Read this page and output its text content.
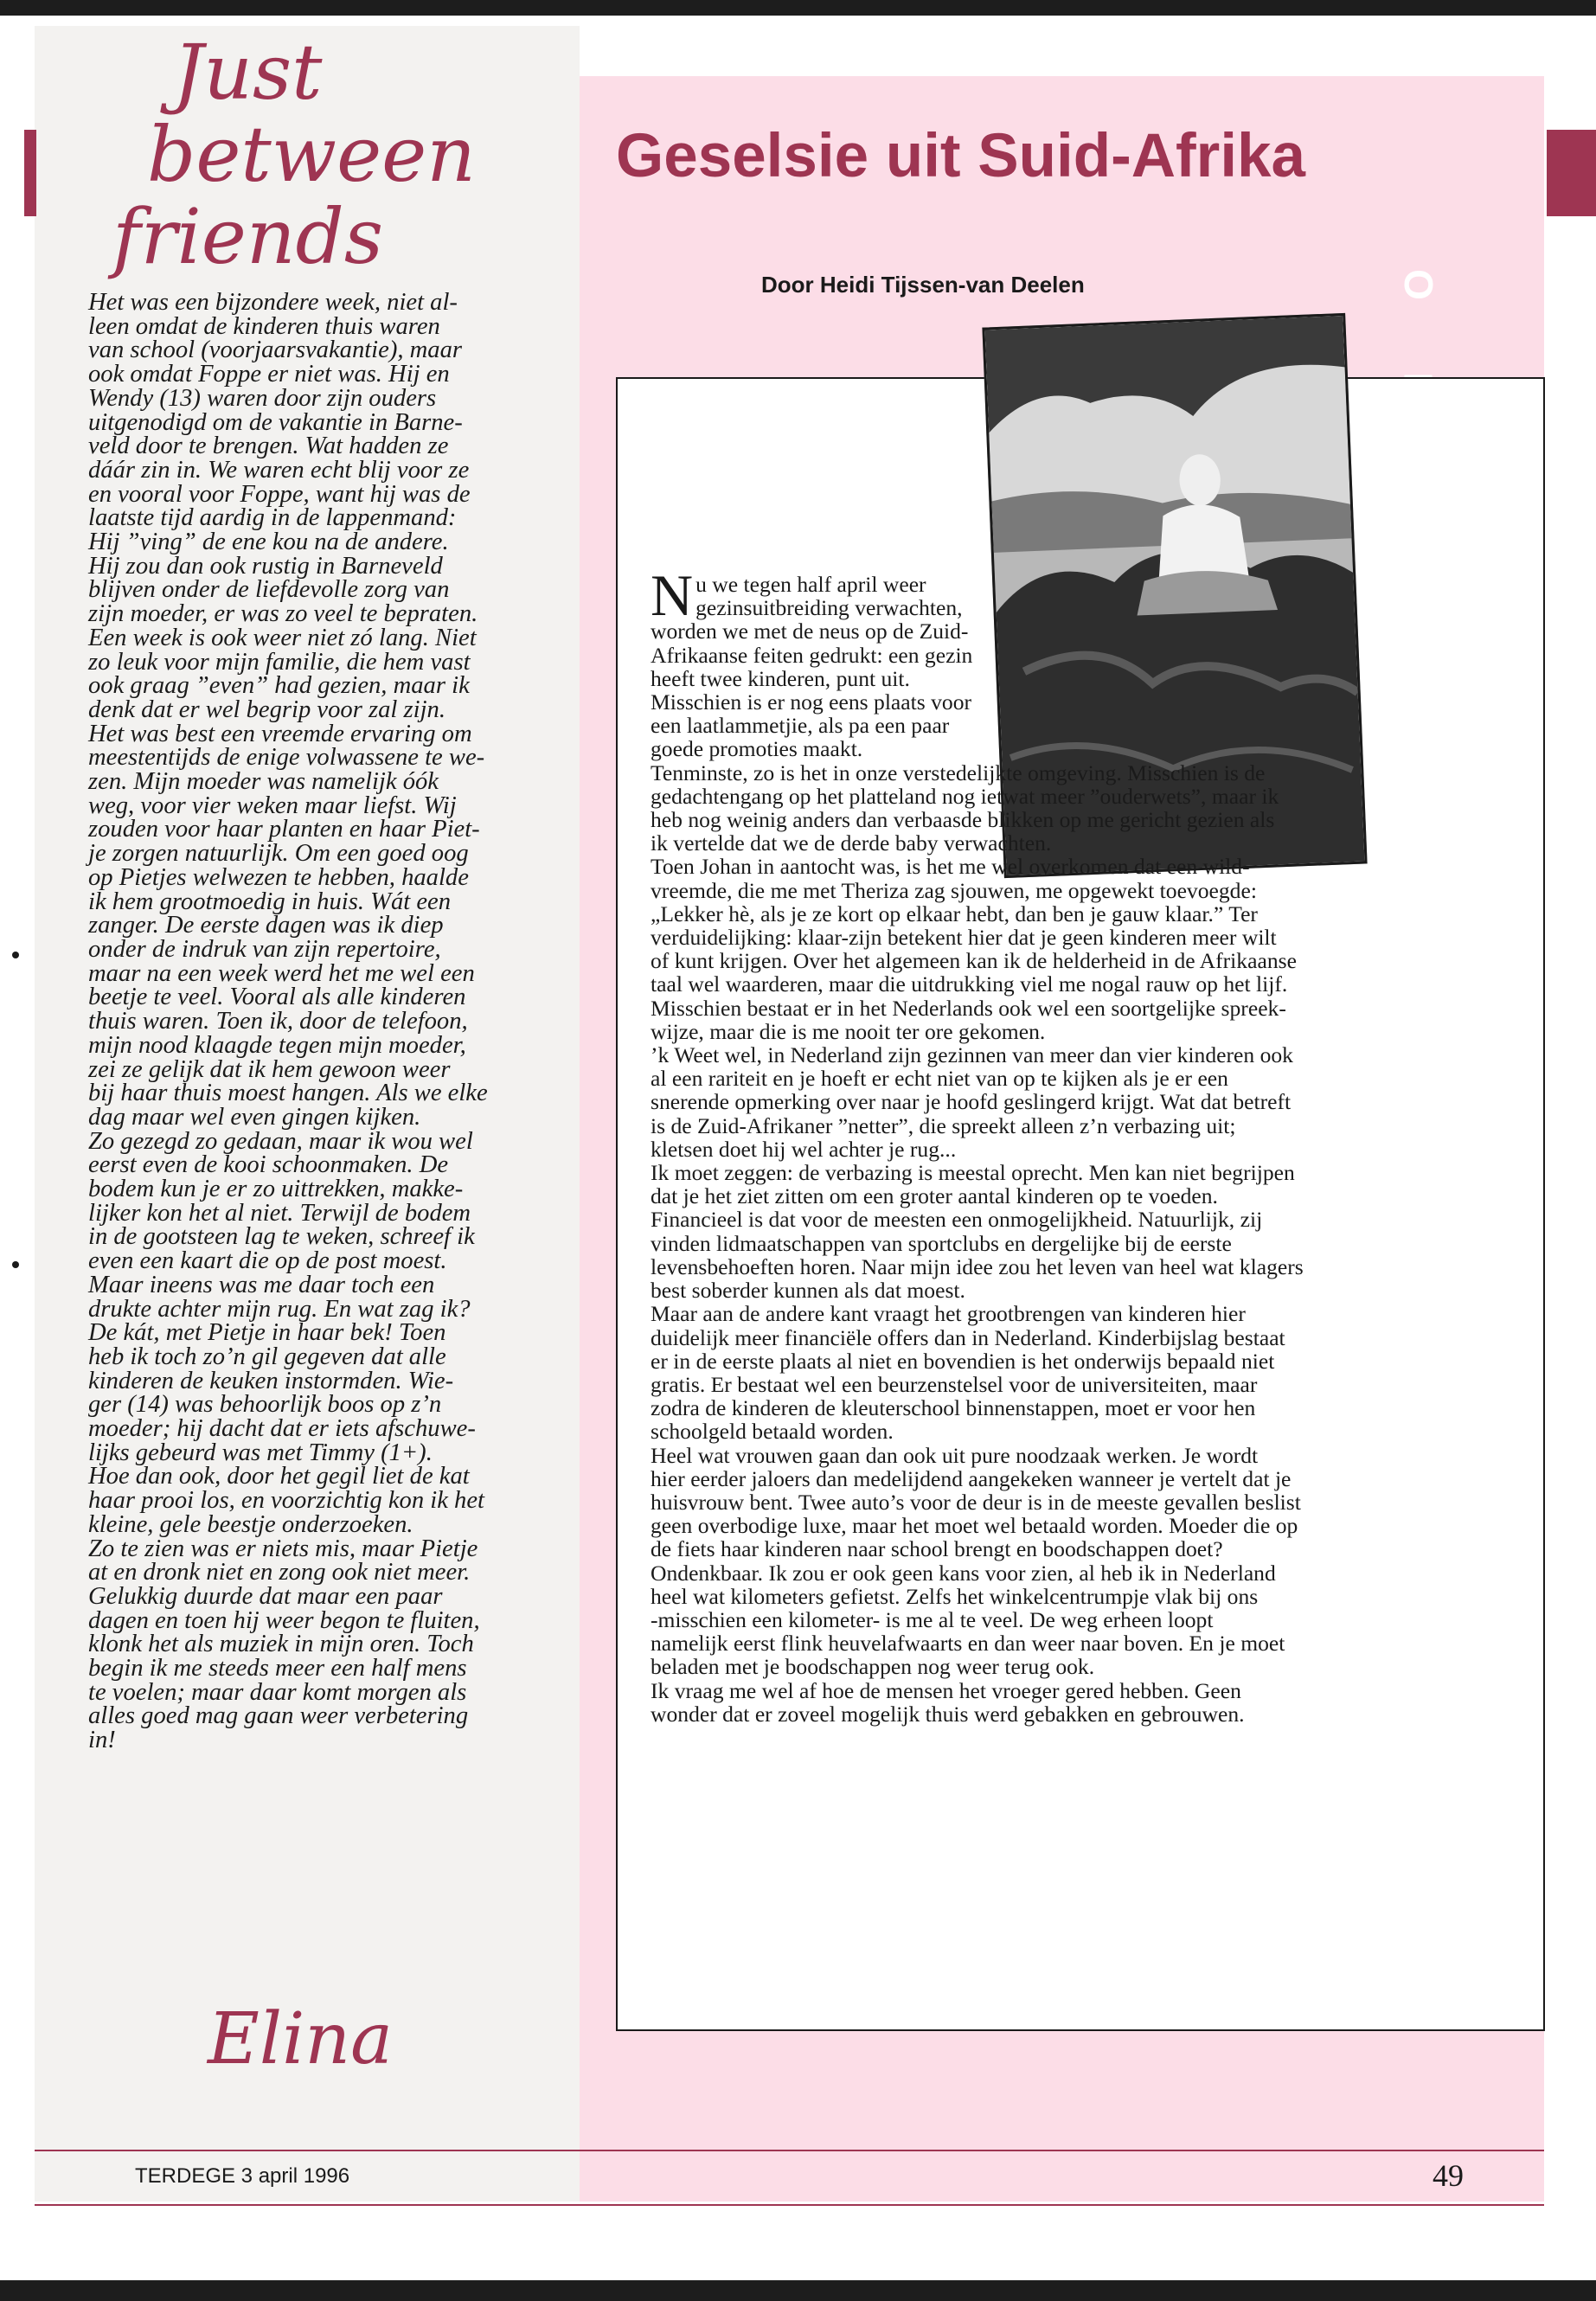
Just
between
friends

Het was een bijzondere week, niet al-

leen omdat de kinderen thuis waren

van school (voorjaarsvakantie), maar

ook omdat Foppe er niet was. Hij en

Wendy (13) waren door zijn ouders

uitgenodigd om de vakantie in Barne-

veld door te brengen. Wat hadden ze

dáár zin in. We waren echt blij voor ze

en vooral voor Foppe, want hij was de

laatste tijd aardig in de lappenmand:

Hij ”ving” de ene kou na de andere.

Hij zou dan ook rustig in Barneveld

blijven onder de liefdevolle zorg van

zijn moeder, er was zo veel te bepraten.

Een week is ook weer niet zó lang. Niet

zo leuk voor mijn familie, die hem vast

ook graag ”even” had gezien, maar ik

denk dat er wel begrip voor zal zijn.

Het was best een vreemde ervaring om

meestentijds de enige volwassene te we-

zen. Mijn moeder was namelijk óók

weg, voor vier weken maar liefst. Wij

zouden voor haar planten en haar Piet-

je zorgen natuurlijk. Om een goed oog

op Pietjes welwezen te hebben, haalde

ik hem grootmoedig in huis. Wát een

zanger. De eerste dagen was ik diep

onder de indruk van zijn repertoire,

maar na een week werd het me wel een

beetje te veel. Vooral als alle kinderen

thuis waren. Toen ik, door de telefoon,

mijn nood klaagde tegen mijn moeder,

zei ze gelijk dat ik hem gewoon weer

bij haar thuis moest hangen. Als we elke

dag maar wel even gingen kijken.

Zo gezegd zo gedaan, maar ik wou wel

eerst even de kooi schoonmaken. De

bodem kun je er zo uittrekken, makke-

lijker kon het al niet. Terwijl de bodem

in de gootsteen lag te weken, schreef ik

even een kaart die op de post moest.

Maar ineens was me daar toch een

drukte achter mijn rug. En wat zag ik?

De kát, met Pietje in haar bek! Toen

heb ik toch zo’n gil gegeven dat alle

kinderen de keuken instormden. Wie-

ger (14) was behoorlijk boos op z’n

moeder; hij dacht dat er iets afschuwe-

lijks gebeurd was met Timmy (1+).

Hoe dan ook, door het gegil liet de kat

haar prooi los, en voorzichtig kon ik het

kleine, gele beestje onderzoeken.

Zo te zien was er niets mis, maar Pietje

at en dronk niet en zong ook niet meer.

Gelukkig duurde dat maar een paar

dagen en toen hij weer begon te fluiten,

klonk het als muziek in mijn oren. Toch

begin ik me steeds meer een half mens

te voelen; maar daar komt morgen als

alles goed mag gaan weer verbetering

in!

Elina
Geselsie uit Suid-Afrika
Door Heidi Tijssen-van Deelen	O

Nu we tegen half april weer gezinsuitbreiding verwachten, worden we met de neus op de Zuid-Afrikaanse feiten gedrukt: een gezin heeft twee kinderen, punt uit.

Misschien is er nog eens plaats voor een laatlammetjie, als pa een paar goede promoties maakt.

Tenminste, zo is het in onze verstedelijkte omgeving. Misschien is de
gedachtengang op het platteland nog ietwat meer ”ouderwets”, maar ik
heb nog weinig anders dan verbaasde blikken op me gericht gezien als
ik vertelde dat we de derde baby verwachten.
Toen Johan in aantocht was, is het me wel overkomen dat een wild-
vreemde, die me met Theriza zag sjouwen, me opgewekt toevoegde:
„Lekker hè, als je ze kort op elkaar hebt, dan ben je gauw klaar.” Ter
verduidelijking: klaar-zijn betekent hier dat je geen kinderen meer wilt
of kunt krijgen. Over het algemeen kan ik de helderheid in de Afrikaanse
taal wel waarderen, maar die uitdrukking viel me nogal rauw op het lijf.
Misschien bestaat er in het Nederlands ook wel een soortgelijke spreek-
wijze, maar die is me nooit ter ore gekomen.
’k Weet wel, in Nederland zijn gezinnen van meer dan vier kinderen ook
al een rariteit en je hoeft er echt niet van op te kijken als je er een
snerende opmerking over naar je hoofd geslingerd krijgt. Wat dat betreft
is de Zuid-Afrikaner ”netter”, die spreekt alleen z’n verbazing uit;
kletsen doet hij wel achter je rug...
Ik moet zeggen: de verbazing is meestal oprecht. Men kan niet begrijpen
dat je het ziet zitten om een groter aantal kinderen op te voeden.
Financieel is dat voor de meesten een onmogelijkheid. Natuurlijk, zij
vinden lidmaatschappen van sportclubs en dergelijke bij de eerste
levensbehoeften horen. Naar mijn idee zou het leven van heel wat klagers
best soberder kunnen als dat moest.
Maar aan de andere kant vraagt het grootbrengen van kinderen hier
duidelijk meer financiële offers dan in Nederland. Kinderbijslag bestaat
er in de eerste plaats al niet en bovendien is het onderwijs bepaald niet
gratis. Er bestaat wel een beurzenstelsel voor de universiteiten, maar
zodra de kinderen de kleuterschool binnenstappen, moet er voor hen
schoolgeld betaald worden.
Heel wat vrouwen gaan dan ook uit pure noodzaak werken. Je wordt
hier eerder jaloers dan medelijdend aangekeken wanneer je vertelt dat je
huisvrouw bent. Twee auto’s voor de deur is in de meeste gevallen beslist
geen overbodige luxe, maar het moet wel betaald worden. Moeder die op
de fiets haar kinderen naar school brengt en boodschappen doet?
Ondenkbaar. Ik zou er ook geen kans voor zien, al heb ik in Nederland
heel wat kilometers gefietst. Zelfs het winkelcentrumpje vlak bij ons
-misschien een kilometer- is me al te veel. De weg erheen loopt
namelijk eerst flink heuvelafwaarts en dan weer naar boven. En je moet
beladen met je boodschappen nog weer terug ook.
Ik vraag me wel af hoe de mensen het vroeger gered hebben. Geen
wonder dat er zoveel mogelijk thuis werd gebakken en gebrouwen.
TERDEGE 3 april 1996	49
